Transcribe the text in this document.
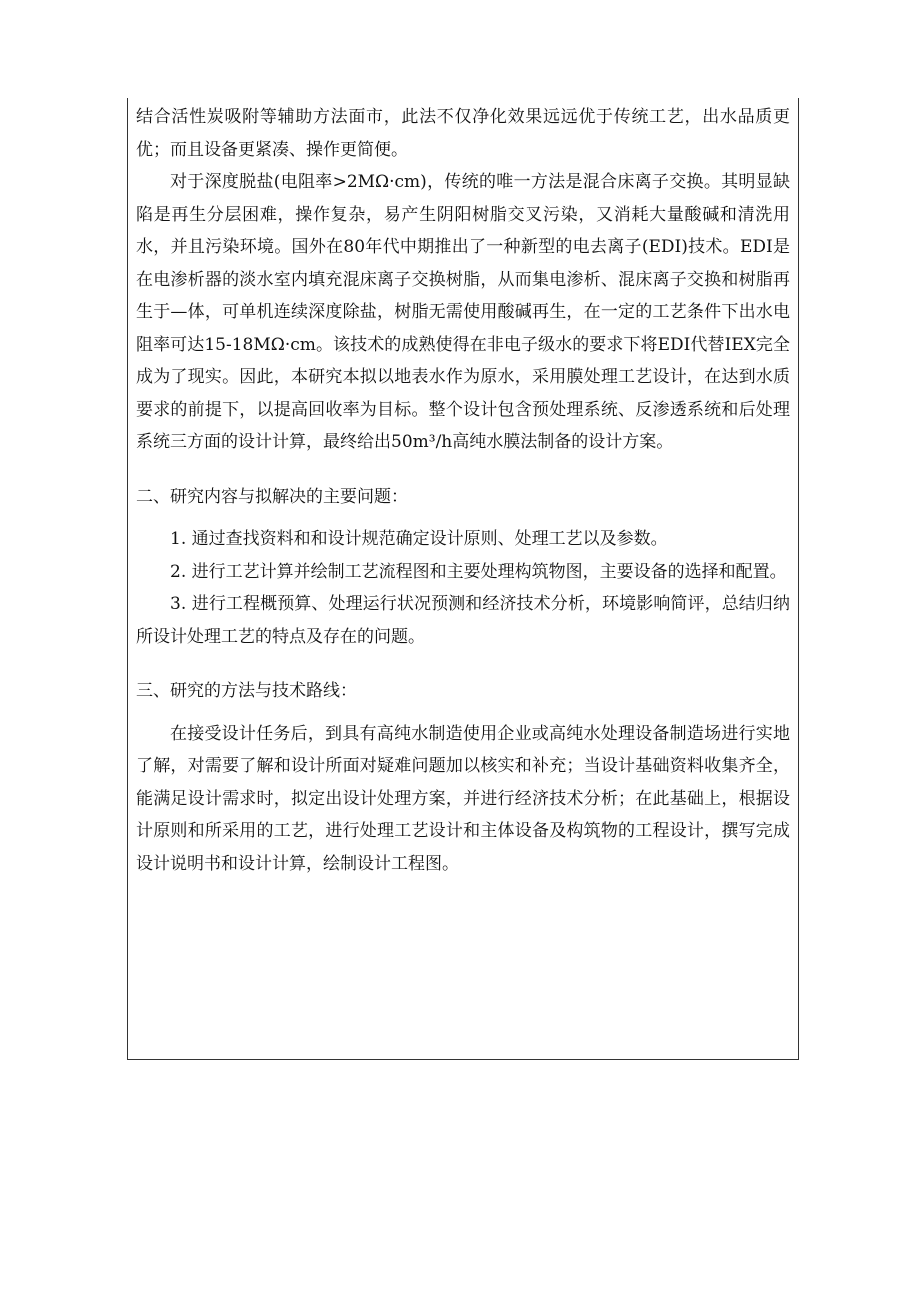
结合活性炭吸附等辅助方法面市，此法不仅净化效果远远优于传统工艺，出水品质更优；而且设备更紧凑、操作更简便。

对于深度脱盐(电阻率>2MΩ·cm)，传统的唯一方法是混合床离子交换。其明显缺陷是再生分层困难，操作复杂，易产生阴阳树脂交叉污染，又消耗大量酸碱和清洗用水，并且污染环境。国外在80年代中期推出了一种新型的电去离子(EDI)技术。EDI是在电渗析器的淡水室内填充混床离子交换树脂，从而集电渗析、混床离子交换和树脂再生于—体，可单机连续深度除盐，树脂无需使用酸碱再生，在一定的工艺条件下出水电阻率可达15-18MΩ·cm。该技术的成熟使得在非电子级水的要求下将EDI代替IEX完全成为了现实。因此，本研究本拟以地表水作为原水，采用膜处理工艺设计，在达到水质要求的前提下，以提高回收率为目标。整个设计包含预处理系统、反渗透系统和后处理系统三方面的设计计算，最终给出50m³/h高纯水膜法制备的设计方案。

二、研究内容与拟解决的主要问题：

1. 通过查找资料和和设计规范确定设计原则、处理工艺以及参数。

2. 进行工艺计算并绘制工艺流程图和主要处理构筑物图，主要设备的选择和配置。

3. 进行工程概预算、处理运行状况预测和经济技术分析，环境影响简评，总结归纳所设计处理工艺的特点及存在的问题。

三、研究的方法与技术路线：

在接受设计任务后，到具有高纯水制造使用企业或高纯水处理设备制造场进行实地了解，对需要了解和设计所面对疑难问题加以核实和补充；当设计基础资料收集齐全，能满足设计需求时，拟定出设计处理方案，并进行经济技术分析；在此基础上，根据设计原则和所采用的工艺，进行处理工艺设计和主体设备及构筑物的工程设计，撰写完成设计说明书和设计计算，绘制设计工程图。
